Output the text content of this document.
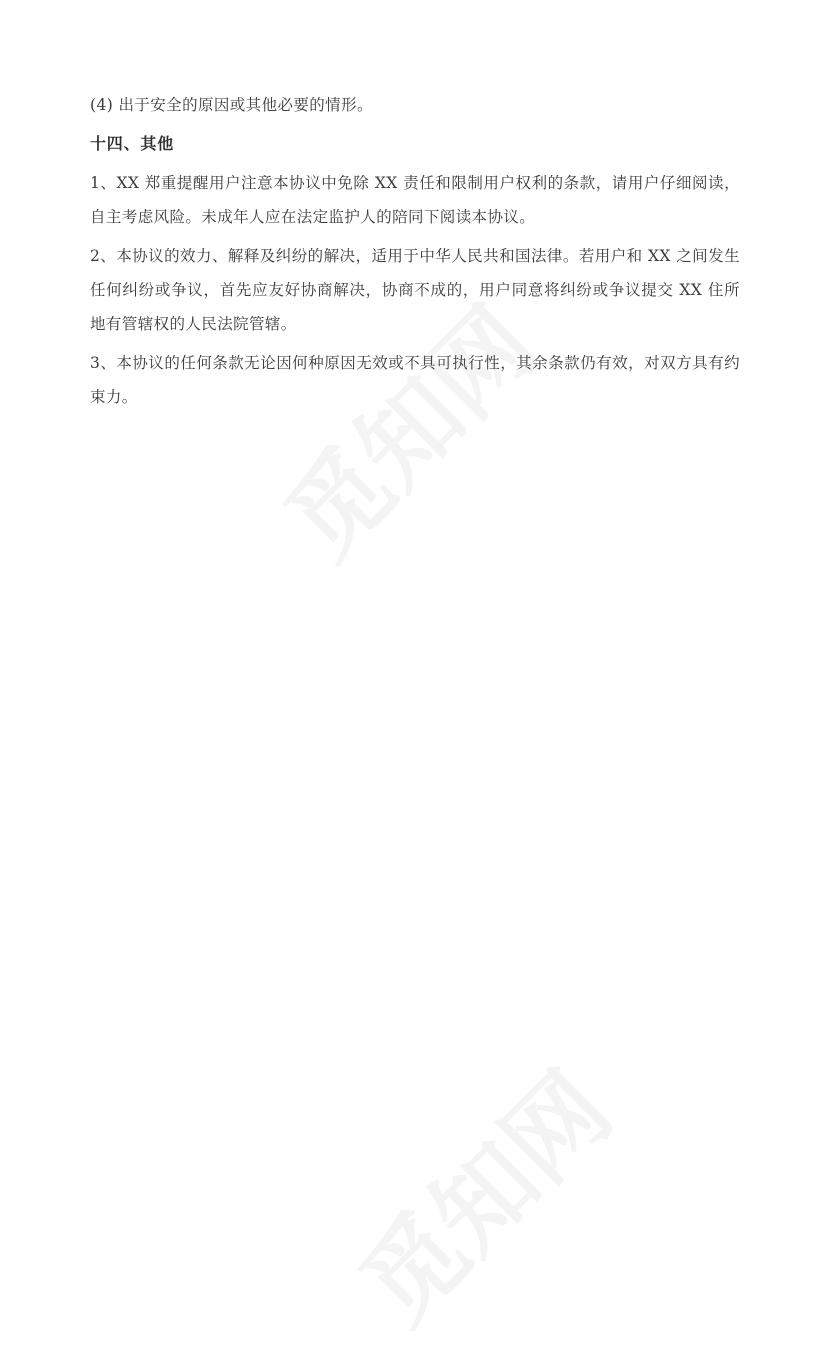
(4) 出于安全的原因或其他必要的情形。

十四、其他

1、XX 郑重提醒用户注意本协议中免除 XX 责任和限制用户权利的条款，请用户仔细阅读，自主考虑风险。未成年人应在法定监护人的陪同下阅读本协议。

2、本协议的效力、解释及纠纷的解决，适用于中华人民共和国法律。若用户和 XX 之间发生任何纠纷或争议，首先应友好协商解决，协商不成的，用户同意将纠纷或争议提交 XX 住所地有管辖权的人民法院管辖。

3、本协议的任何条款无论因何种原因无效或不具可执行性，其余条款仍有效，对双方具有约束力。
